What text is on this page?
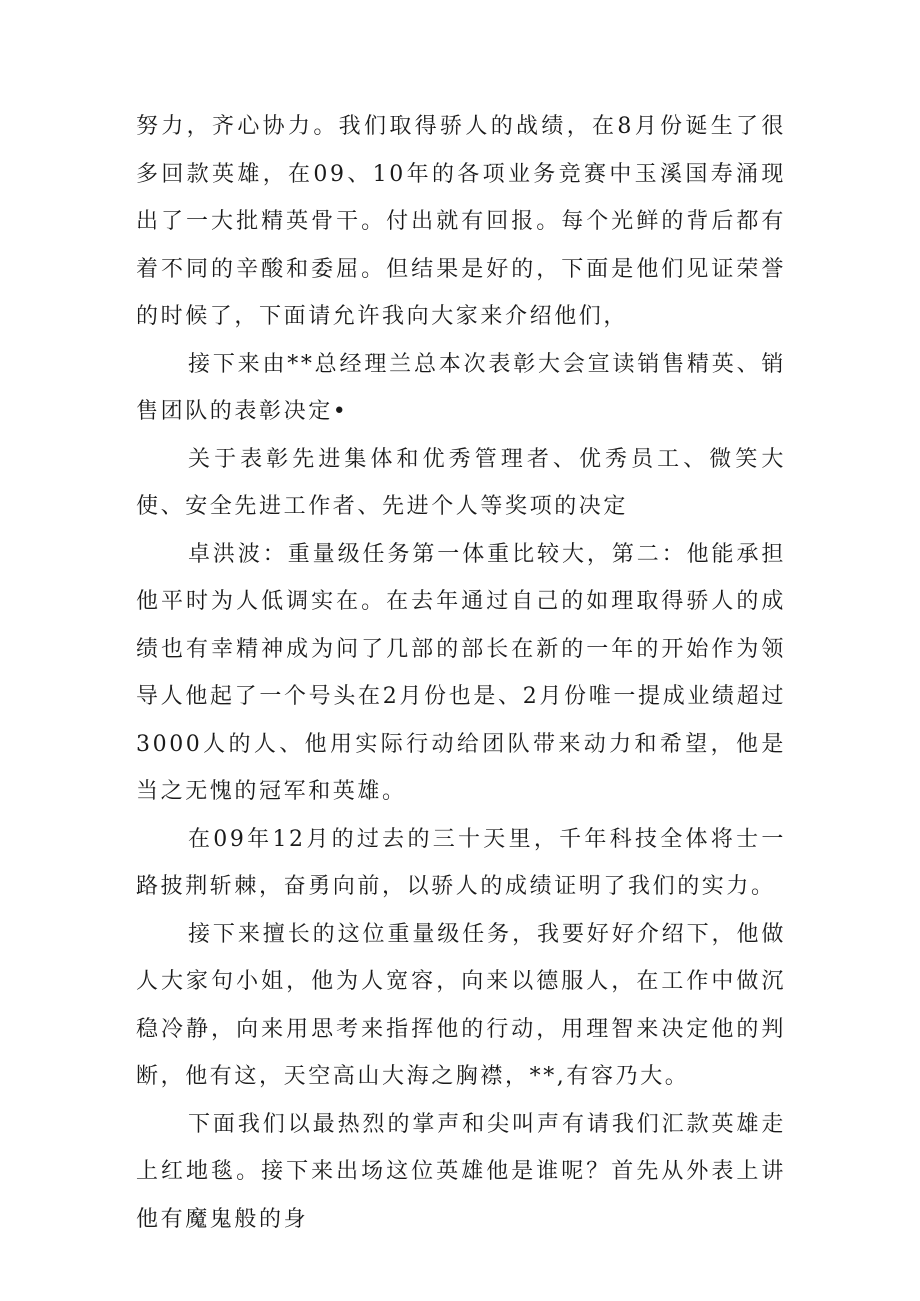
努力，齐心协力。我们取得骄人的战绩，在8月份诞生了很多回款英雄，在09、10年的各项业务竞赛中玉溪国寿涌现出了一大批精英骨干。付出就有回报。每个光鲜的背后都有着不同的辛酸和委屈。但结果是好的，下面是他们见证荣誉的时候了，下面请允许我向大家来介绍他们，

接下来由**总经理兰总本次表彰大会宣读销售精英、销售团队的表彰决定•

关于表彰先进集体和优秀管理者、优秀员工、微笑大使、安全先进工作者、先进个人等奖项的决定

卓洪波：重量级任务第一体重比较大，第二：他能承担他平时为人低调实在。在去年通过自己的如理取得骄人的成绩也有幸精神成为问了几部的部长在新的一年的开始作为领导人他起了一个号头在2月份也是、2月份唯一提成业绩超过3000人的人、他用实际行动给团队带来动力和希望，他是当之无愧的冠军和英雄。

在09年12月的过去的三十天里，千年科技全体将士一路披荆斩棘，奋勇向前，以骄人的成绩证明了我们的实力。

接下来擅长的这位重量级任务，我要好好介绍下，他做人大家句小姐，他为人宽容，向来以德服人，在工作中做沉稳冷静，向来用思考来指挥他的行动，用理智来决定他的判断，他有这，天空高山大海之胸襟，**,有容乃大。

下面我们以最热烈的掌声和尖叫声有请我们汇款英雄走上红地毯。接下来出场这位英雄他是谁呢？首先从外表上讲他有魔鬼般的身
